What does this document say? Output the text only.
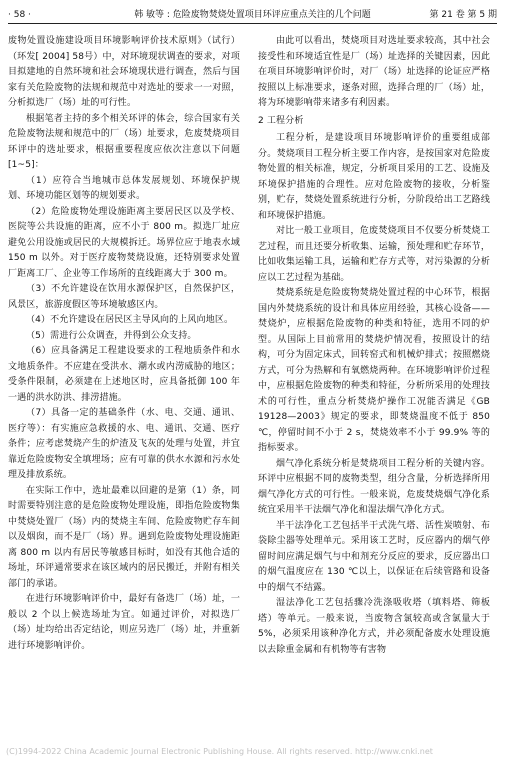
· 58 ·	韩 敏等 : 危险废物焚烧处置项目环评应重点关注的几个问题	第 21 卷 第 5 期

废物处置设施建设项目环境影响评价技术原则》（试行）（环发[ 2004] 58号）中，对环境现状调查的要求，对项目拟建地的自然环境和社会环境现状进行调查，然后与国家有关危险废物的法规和规范中对选址的要求一一对照，分析拟选厂（场）址的可行性。

根据笔者主持的多个相关环评的体会，综合国家有关危险废物法规和规范中的厂（场）址要求，危废焚烧项目环评中的选址要求，根据重要程度应依次注意以下问题[1~5]：

（1）应符合当地城市总体发展规划、环境保护规划、环境功能区划等的规划要求。

（2）危险废物处理设施距离主要居民区以及学校、医院等公共设施的距离，应不小于 800 m。拟选厂址应避免公用设施或居民的大规模拆迁。场界位应于地表水域 150 m 以外。对于医疗废物焚烧设施，还特别要求处置厂距离工厂、企业等工作场所的直线距离大于 300 m。

（3）不允许建设在饮用水源保护区，自然保护区，风景区，旅游度假区等环境敏感区内。

（4）不允许建设在居民区主导风向的上风向地区。

（5）需进行公众调查，并得到公众支持。

（6）应具备满足工程建设要求的工程地质条件和水文地质条件。不应建在受洪水、潮水或内涝威胁的地区；受条件限制，必须建在上述地区时，应具备抵御 100 年一遇的洪水防洪、排涝措施。

（7）具备一定的基础条件（水、电、交通、通讯、医疗等）：有实施应急救援的水、电、通讯、交通、医疗条件；应考虑焚烧产生的炉渣及飞灰的处理与处置，并宜靠近危险废物安全填埋场；应有可靠的供水水源和污水处理及排放系统。

在实际工作中，选址最难以回避的是第（1）条，同时需要特别注意的是危险废物处理设施，即指危险废物集中焚烧处置厂（场）内的焚烧主车间、危险废物贮存车间以及烟囱，而不是厂（场）界。遇到危险废物处理设施距离 800 m 以内有居民等敏感目标时，如没有其他合适的场址，环评通常要求在该区域内的居民搬迁，并附有相关部门的承诺。

在进行环境影响评价中，最好有备选厂（场）址，一般以 2 个以上候选场址为宜。如通过评价，对拟选厂（场）址均给出否定结论，则应另选厂（场）址，并重新进行环境影响评价。

由此可以看出，焚烧项目对选址要求较高，其中社会接受性和环境适宜性是厂（场）址选择的关键因素，因此在项目环境影响评价时，对厂（场）址选择的论证应严格按照以上标准要求，逐条对照，选择合理的厂（场）址，将为环境影响带来诸多有利因素。

2 工程分析

工程分析，是建设项目环境影响评价的重要组成部分。焚烧项目工程分析主要工作内容，是按国家对危险废物处置的相关标准，规定，分析项目采用的工艺、设施及环境保护措施的合理性。应对危险废物的接收，分析鉴别，贮存，焚烧处置系统进行分析，分阶段给出工艺路线和环境保护措施。

对比一般工业项目，危废焚烧项目不仅要分析焚烧工艺过程，而且还要分析收集、运输，预处理和贮存环节，比如收集运输工具，运输和贮存方式等，对污染源的分析应以工艺过程为基础。

焚烧系统是危险废物焚烧处置过程的中心环节，根据国内外焚烧系统的设计和具体应用经验，其核心设备——焚烧炉，应根据危险废物的种类和特征，选用不同的炉型。从国际上目前常用的焚烧炉情况看，按照设计的结构，可分为固定床式，回转窑式和机械炉排式；按照燃烧方式，可分为热解和有氧燃烧两种。在环境影响评价过程中，应根据危险废物的种类和特征，分析所采用的处理技术的可行性，重点分析焚烧炉操作工况能否满足《GB 19128—2003》规定的要求，即焚烧温度不低于 850 ℃，停留时间不小于 2 s，焚烧效率不小于 99.9% 等的指标要求。

烟气净化系统分析是焚烧项目工程分析的关键内容。环评中应根据不同的废物类型，组分含量，分析选择所用烟气净化方式的可行性。一般来说，危废焚烧烟气净化系统宜采用半干法烟气净化和湿法烟气净化方式。

半干法净化工艺包括半干式洗气塔、活性炭喷射、布袋除尘器等处理单元。采用该工艺时，反应器内的烟气停留时间应满足烟气与中和剂充分反应的要求，反应器出口的烟气温度应在 130 ℃以上，以保证在后续管路和设备中的烟气不结露。

湿法净化工艺包括骤冷洗涤吸收塔（填料塔、筛板塔）等单元。一般来说，当废物含氯较高或含氯量大于 5%，必须采用该种净化方式，并必须配备废水处理设施以去除重金属和有机物等有害物

(C)1994-2022 China Academic Journal Electronic Publishing House. All rights reserved. http://www.cnki.net
